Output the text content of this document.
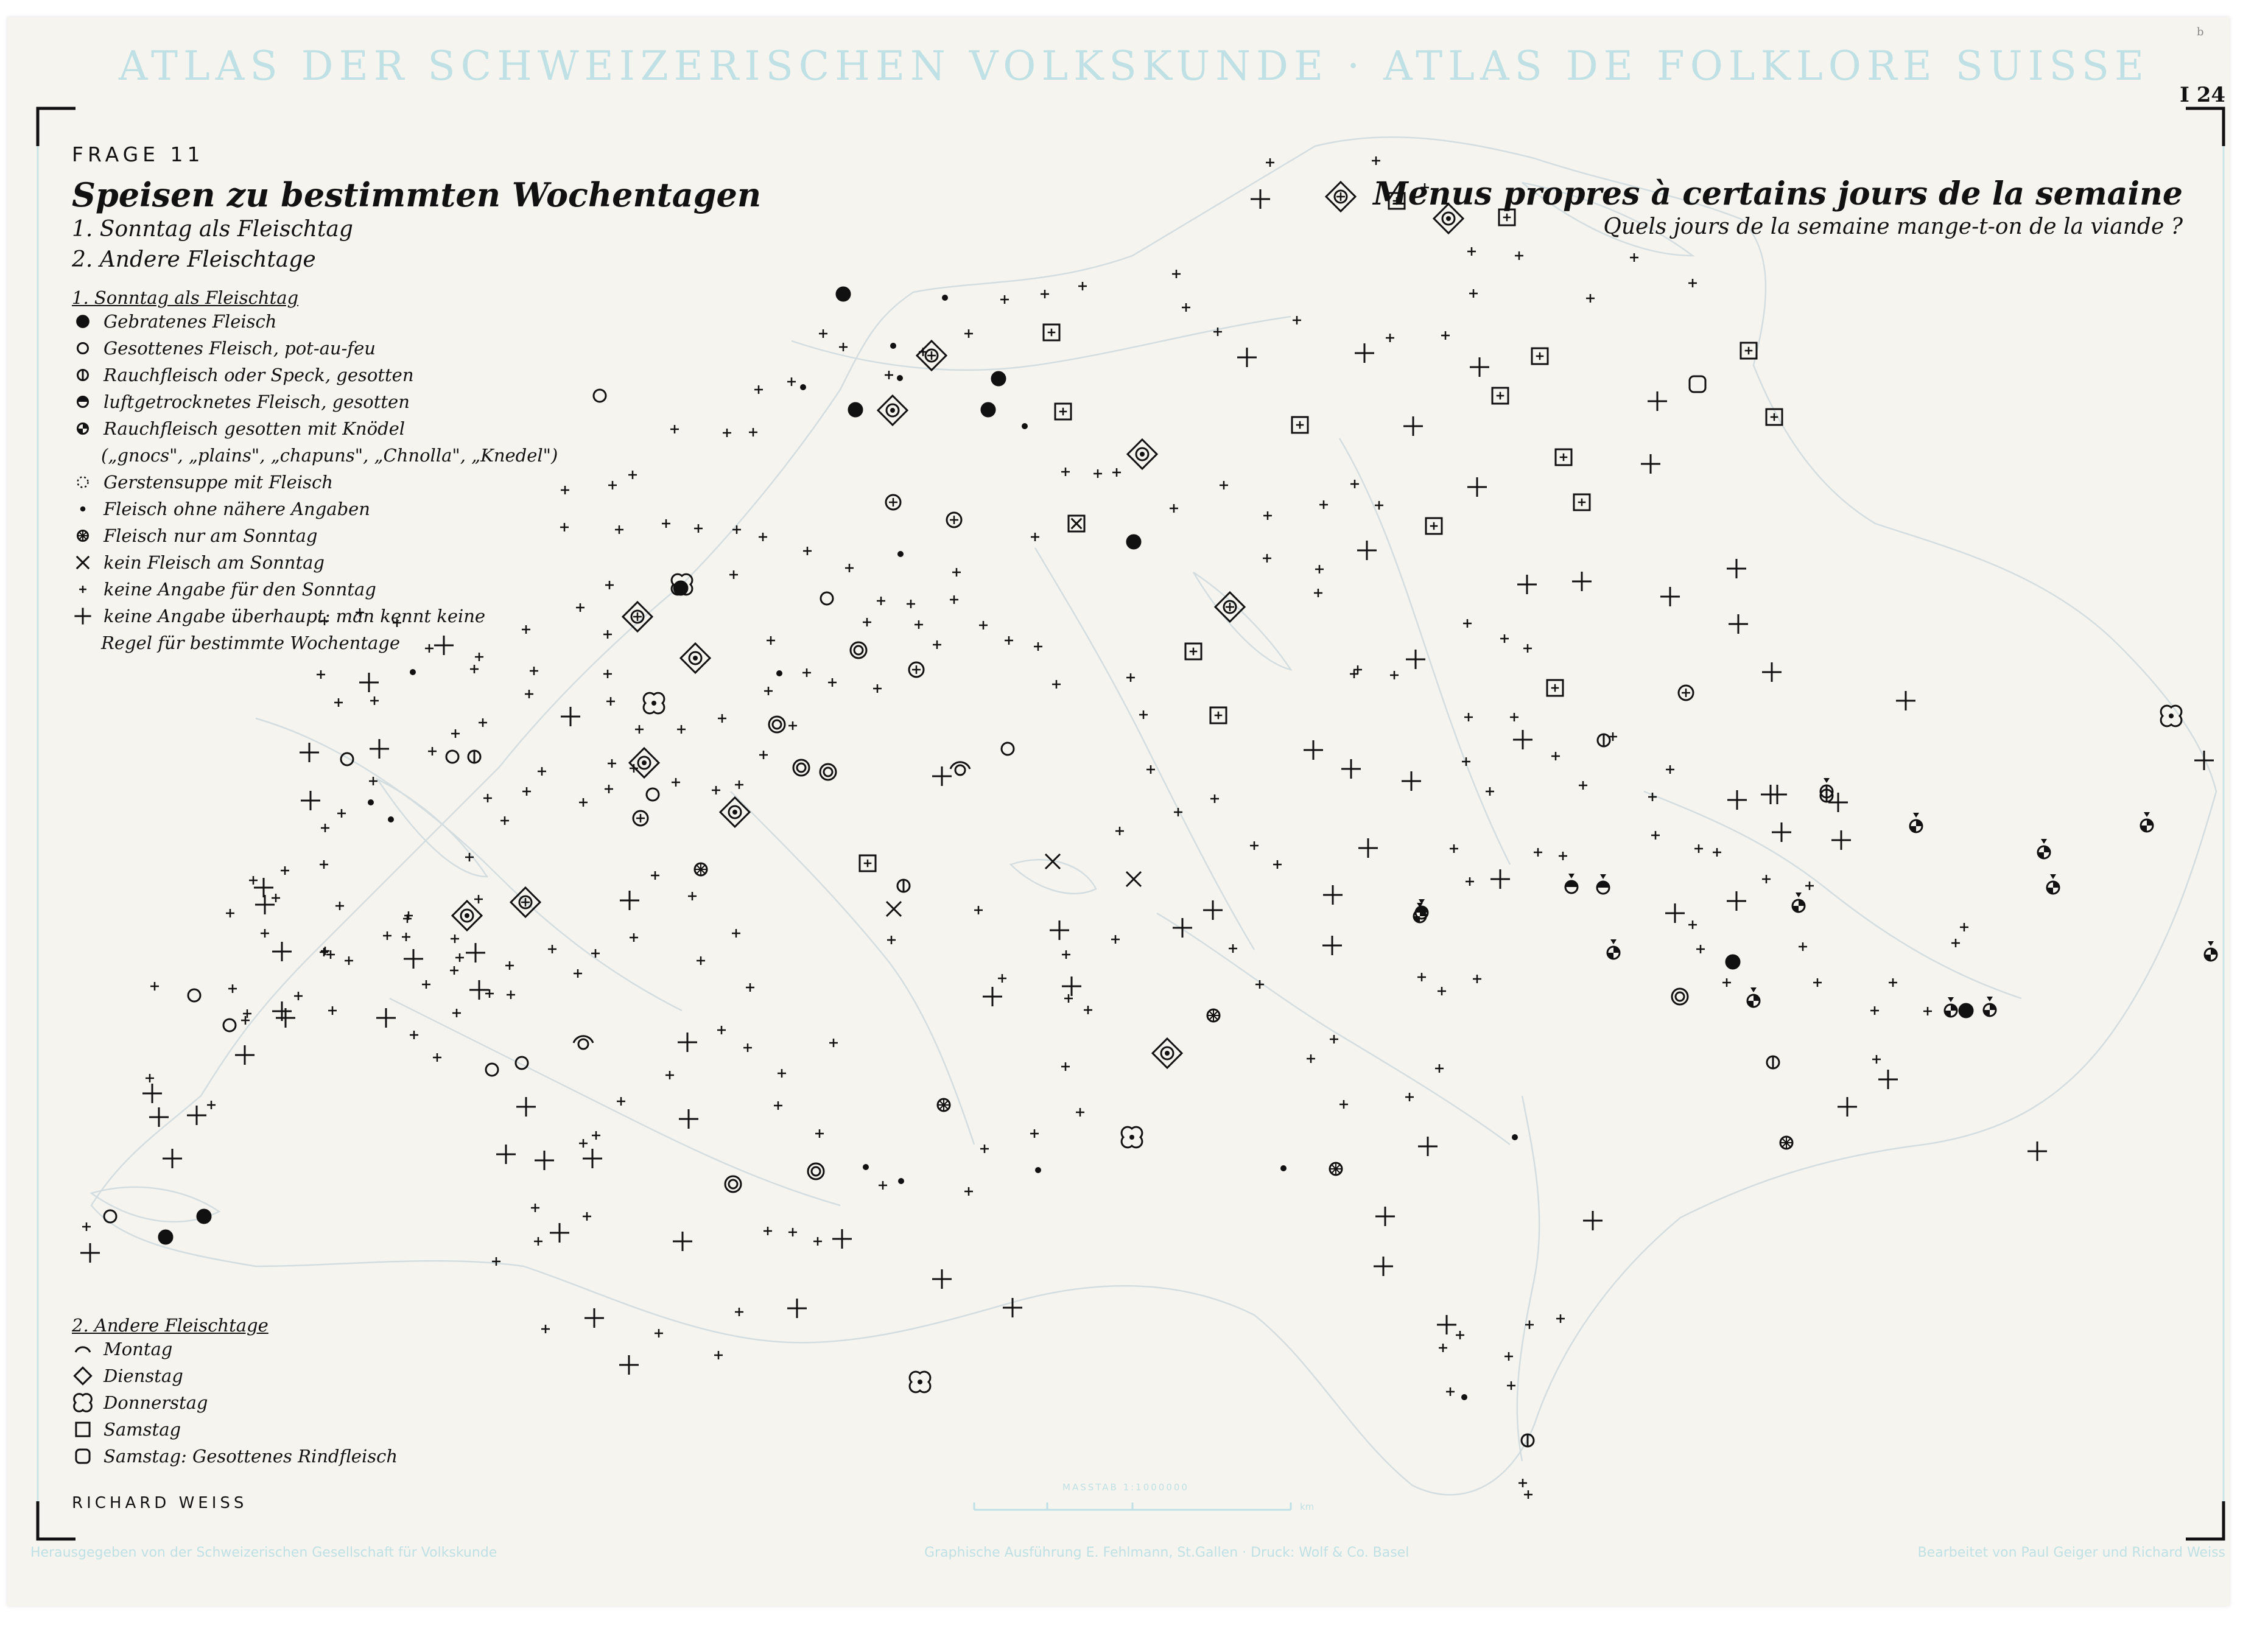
ATLAS DER SCHWEIZERISCHEN VOLKSKUNDE · ATLAS DE FOLKLORE SUISSE
I 24
b
FRAGE 11
Speisen zu bestimmten Wochentagen
1. Sonntag als Fleischtag
2. Andere Fleischtage
Menus propres à certains jours de la semaine
Quels jours de la semaine mange-t-on de la viande ?
1. Sonntag als Fleischtag
Gebratenes Fleisch
Gesottenes Fleisch, pot-au-feu
Rauchfleisch oder Speck, gesotten
luftgetrocknetes Fleisch, gesotten
Rauchfleisch gesotten mit Knödel
(„gnocs", „plains", „chapuns", „Chnolla", „Knedel")
Gerstensuppe mit Fleisch
Fleisch ohne nähere Angaben
Fleisch nur am Sonntag
kein Fleisch am Sonntag
keine Angabe für den Sonntag
keine Angabe überhaupt: man kennt keine
Regel für bestimmte Wochentage
2. Andere Fleischtage
Montag
Dienstag
Donnerstag
Samstag
Samstag: Gesottenes Rindfleisch
RICHARD WEISS
Herausgegeben von der Schweizerischen Gesellschaft für Volkskunde	Graphische Ausführung E. Fehlmann, St.Gallen · Druck: Wolf & Co. Basel	Bearbeitet von Paul Geiger und Richard Weiss
MASSTAB 1:1000000
km
